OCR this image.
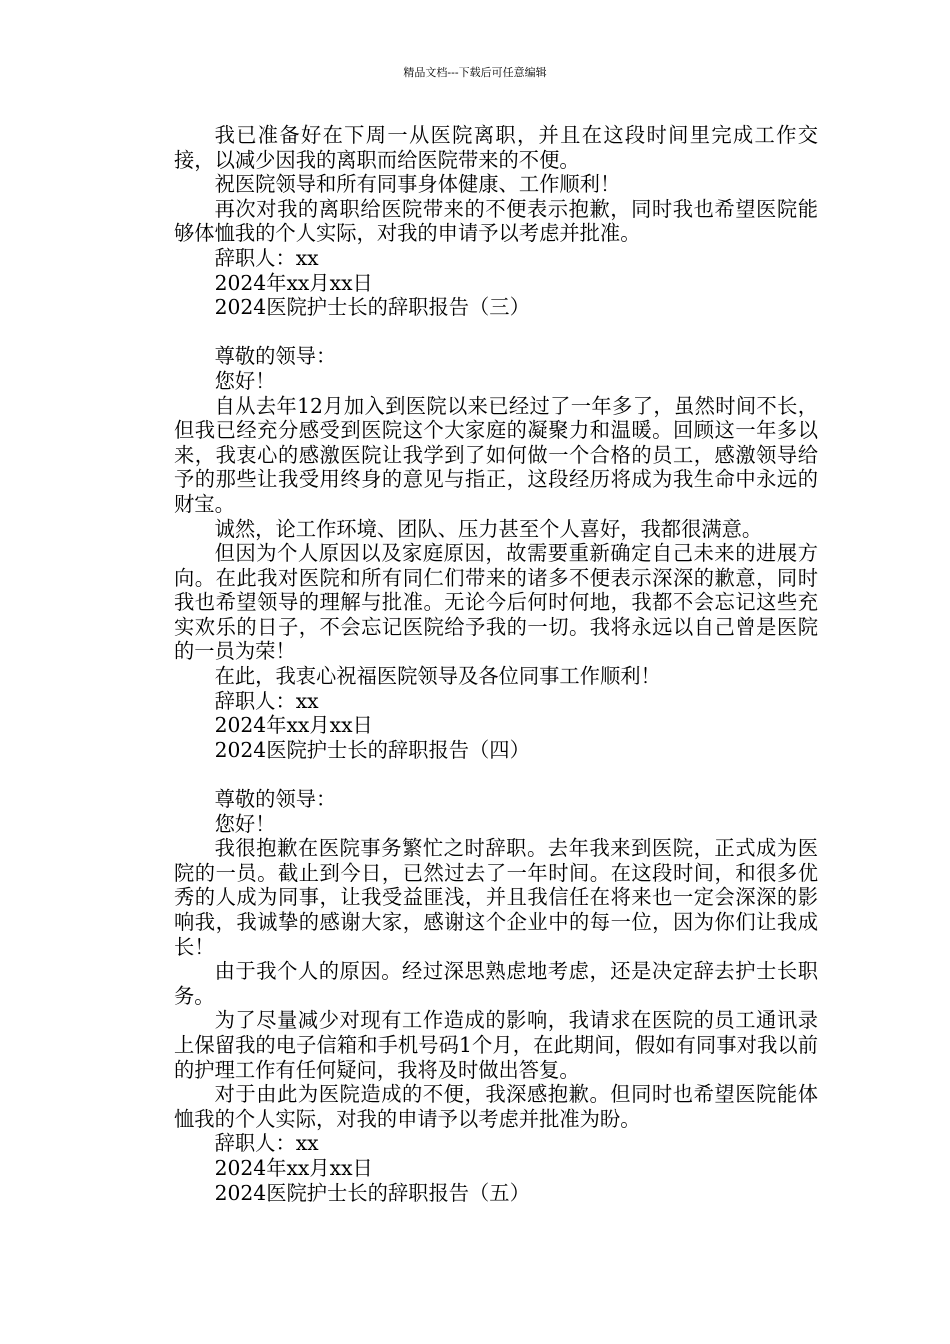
精品文档---下载后可任意编辑

我已准备好在下周一从医院离职，并且在这段时间里完成工作交接，以减少因我的离职而给医院带来的不便。

祝医院领导和所有同事身体健康、工作顺利！

再次对我的离职给医院带来的不便表示抱歉，同时我也希望医院能够体恤我的个人实际，对我的申请予以考虑并批准。

辞职人：xx

2024年xx月xx日

2024医院护士长的辞职报告（三）

尊敬的领导：

您好！

自从去年12月加入到医院以来已经过了一年多了，虽然时间不长，但我已经充分感受到医院这个大家庭的凝聚力和温暖。回顾这一年多以来，我衷心的感激医院让我学到了如何做一个合格的员工，感激领导给予的那些让我受用终身的意见与指正，这段经历将成为我生命中永远的财宝。

诚然，论工作环境、团队、压力甚至个人喜好，我都很满意。

但因为个人原因以及家庭原因，故需要重新确定自己未来的进展方向。在此我对医院和所有同仁们带来的诸多不便表示深深的歉意，同时我也希望领导的理解与批准。无论今后何时何地，我都不会忘记这些充实欢乐的日子，不会忘记医院给予我的一切。我将永远以自己曾是医院的一员为荣！

在此，我衷心祝福医院领导及各位同事工作顺利！

辞职人：xx

2024年xx月xx日

2024医院护士长的辞职报告（四）

尊敬的领导：

您好！

我很抱歉在医院事务繁忙之时辞职。去年我来到医院，正式成为医院的一员。截止到今日，已然过去了一年时间。在这段时间，和很多优秀的人成为同事，让我受益匪浅，并且我信任在将来也一定会深深的影响我，我诚挚的感谢大家，感谢这个企业中的每一位，因为你们让我成长！

由于我个人的原因。经过深思熟虑地考虑，还是决定辞去护士长职务。

为了尽量减少对现有工作造成的影响，我请求在医院的员工通讯录上保留我的电子信箱和手机号码1个月，在此期间，假如有同事对我以前的护理工作有任何疑问，我将及时做出答复。

对于由此为医院造成的不便，我深感抱歉。但同时也希望医院能体恤我的个人实际，对我的申请予以考虑并批准为盼。

辞职人：xx

2024年xx月xx日

2024医院护士长的辞职报告（五）
